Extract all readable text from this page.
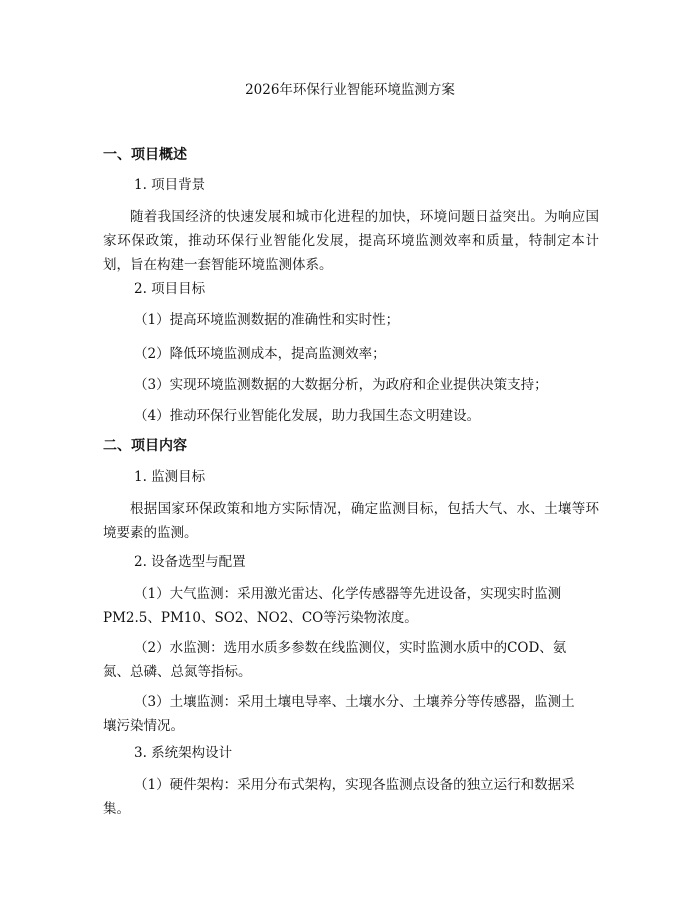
2026年环保行业智能环境监测方案
一、项目概述
1. 项目背景
随着我国经济的快速发展和城市化进程的加快，环境问题日益突出。为响应国家环保政策，推动环保行业智能化发展，提高环境监测效率和质量，特制定本计划，旨在构建一套智能环境监测体系。
2. 项目目标
（1）提高环境监测数据的准确性和实时性；
（2）降低环境监测成本，提高监测效率；
（3）实现环境监测数据的大数据分析，为政府和企业提供决策支持；
（4）推动环保行业智能化发展，助力我国生态文明建设。
二、项目内容
1. 监测目标
根据国家环保政策和地方实际情况，确定监测目标，包括大气、水、土壤等环境要素的监测。
2. 设备选型与配置
（1）大气监测：采用激光雷达、化学传感器等先进设备，实现实时监测PM2.5、PM10、SO2、NO2、CO等污染物浓度。
（2）水监测：选用水质多参数在线监测仪，实时监测水质中的COD、氨氮、总磷、总氮等指标。
（3）土壤监测：采用土壤电导率、土壤水分、土壤养分等传感器，监测土壤污染情况。
3. 系统架构设计
（1）硬件架构：采用分布式架构，实现各监测点设备的独立运行和数据采集。
